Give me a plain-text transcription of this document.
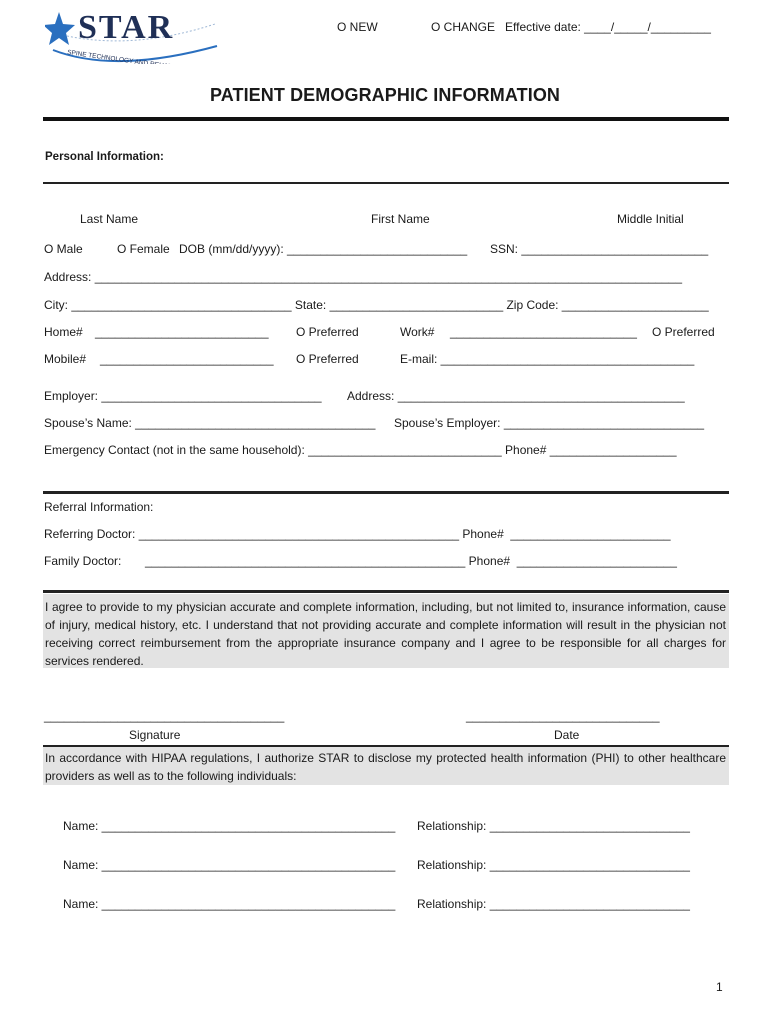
STAR
SPINE TECHNOLOGY AND REHABILITATION
O NEW	O CHANGE Effective date: ____/_____/_________
PATIENT DEMOGRAPHIC INFORMATION
Personal Information:
Last Name	First Name	Middle Initial
O Male	O Female DOB (mm/dd/yyyy): ___________________________ SSN: ____________________________
Address: ________________________________________________________________________________________
City: _________________________________ State: __________________________ Zip Code: ______________________
Home# __________________________ O Preferred	Work# ____________________________ O Preferred
Mobile# __________________________ O Preferred	E-mail: ______________________________________
Employer: _________________________________ Address: ___________________________________________
Spouse’s Name: ____________________________________ Spouse’s Employer: ______________________________
Emergency Contact (not in the same household): _____________________________ Phone# ___________________
Referral Information:
Referring Doctor: ________________________________________________ Phone#  ________________________
Family Doctor: ________________________________________________ Phone#  ________________________
I agree to provide to my physician accurate and complete information, including, but not limited to, insurance information, cause of injury, medical history, etc. I understand that not providing accurate and complete information will result in the physician not receiving correct reimbursement from the appropriate insurance company and I agree to be responsible for all charges for services rendered.
____________________________________
Signature
_____________________________
Date
In accordance with HIPAA regulations, I authorize STAR to disclose my protected health information (PHI) to other healthcare providers as well as to the following individuals:
Name: ____________________________________________ Relationship: ______________________________
Name: ____________________________________________ Relationship: ______________________________
Name: ____________________________________________ Relationship: ______________________________
1
